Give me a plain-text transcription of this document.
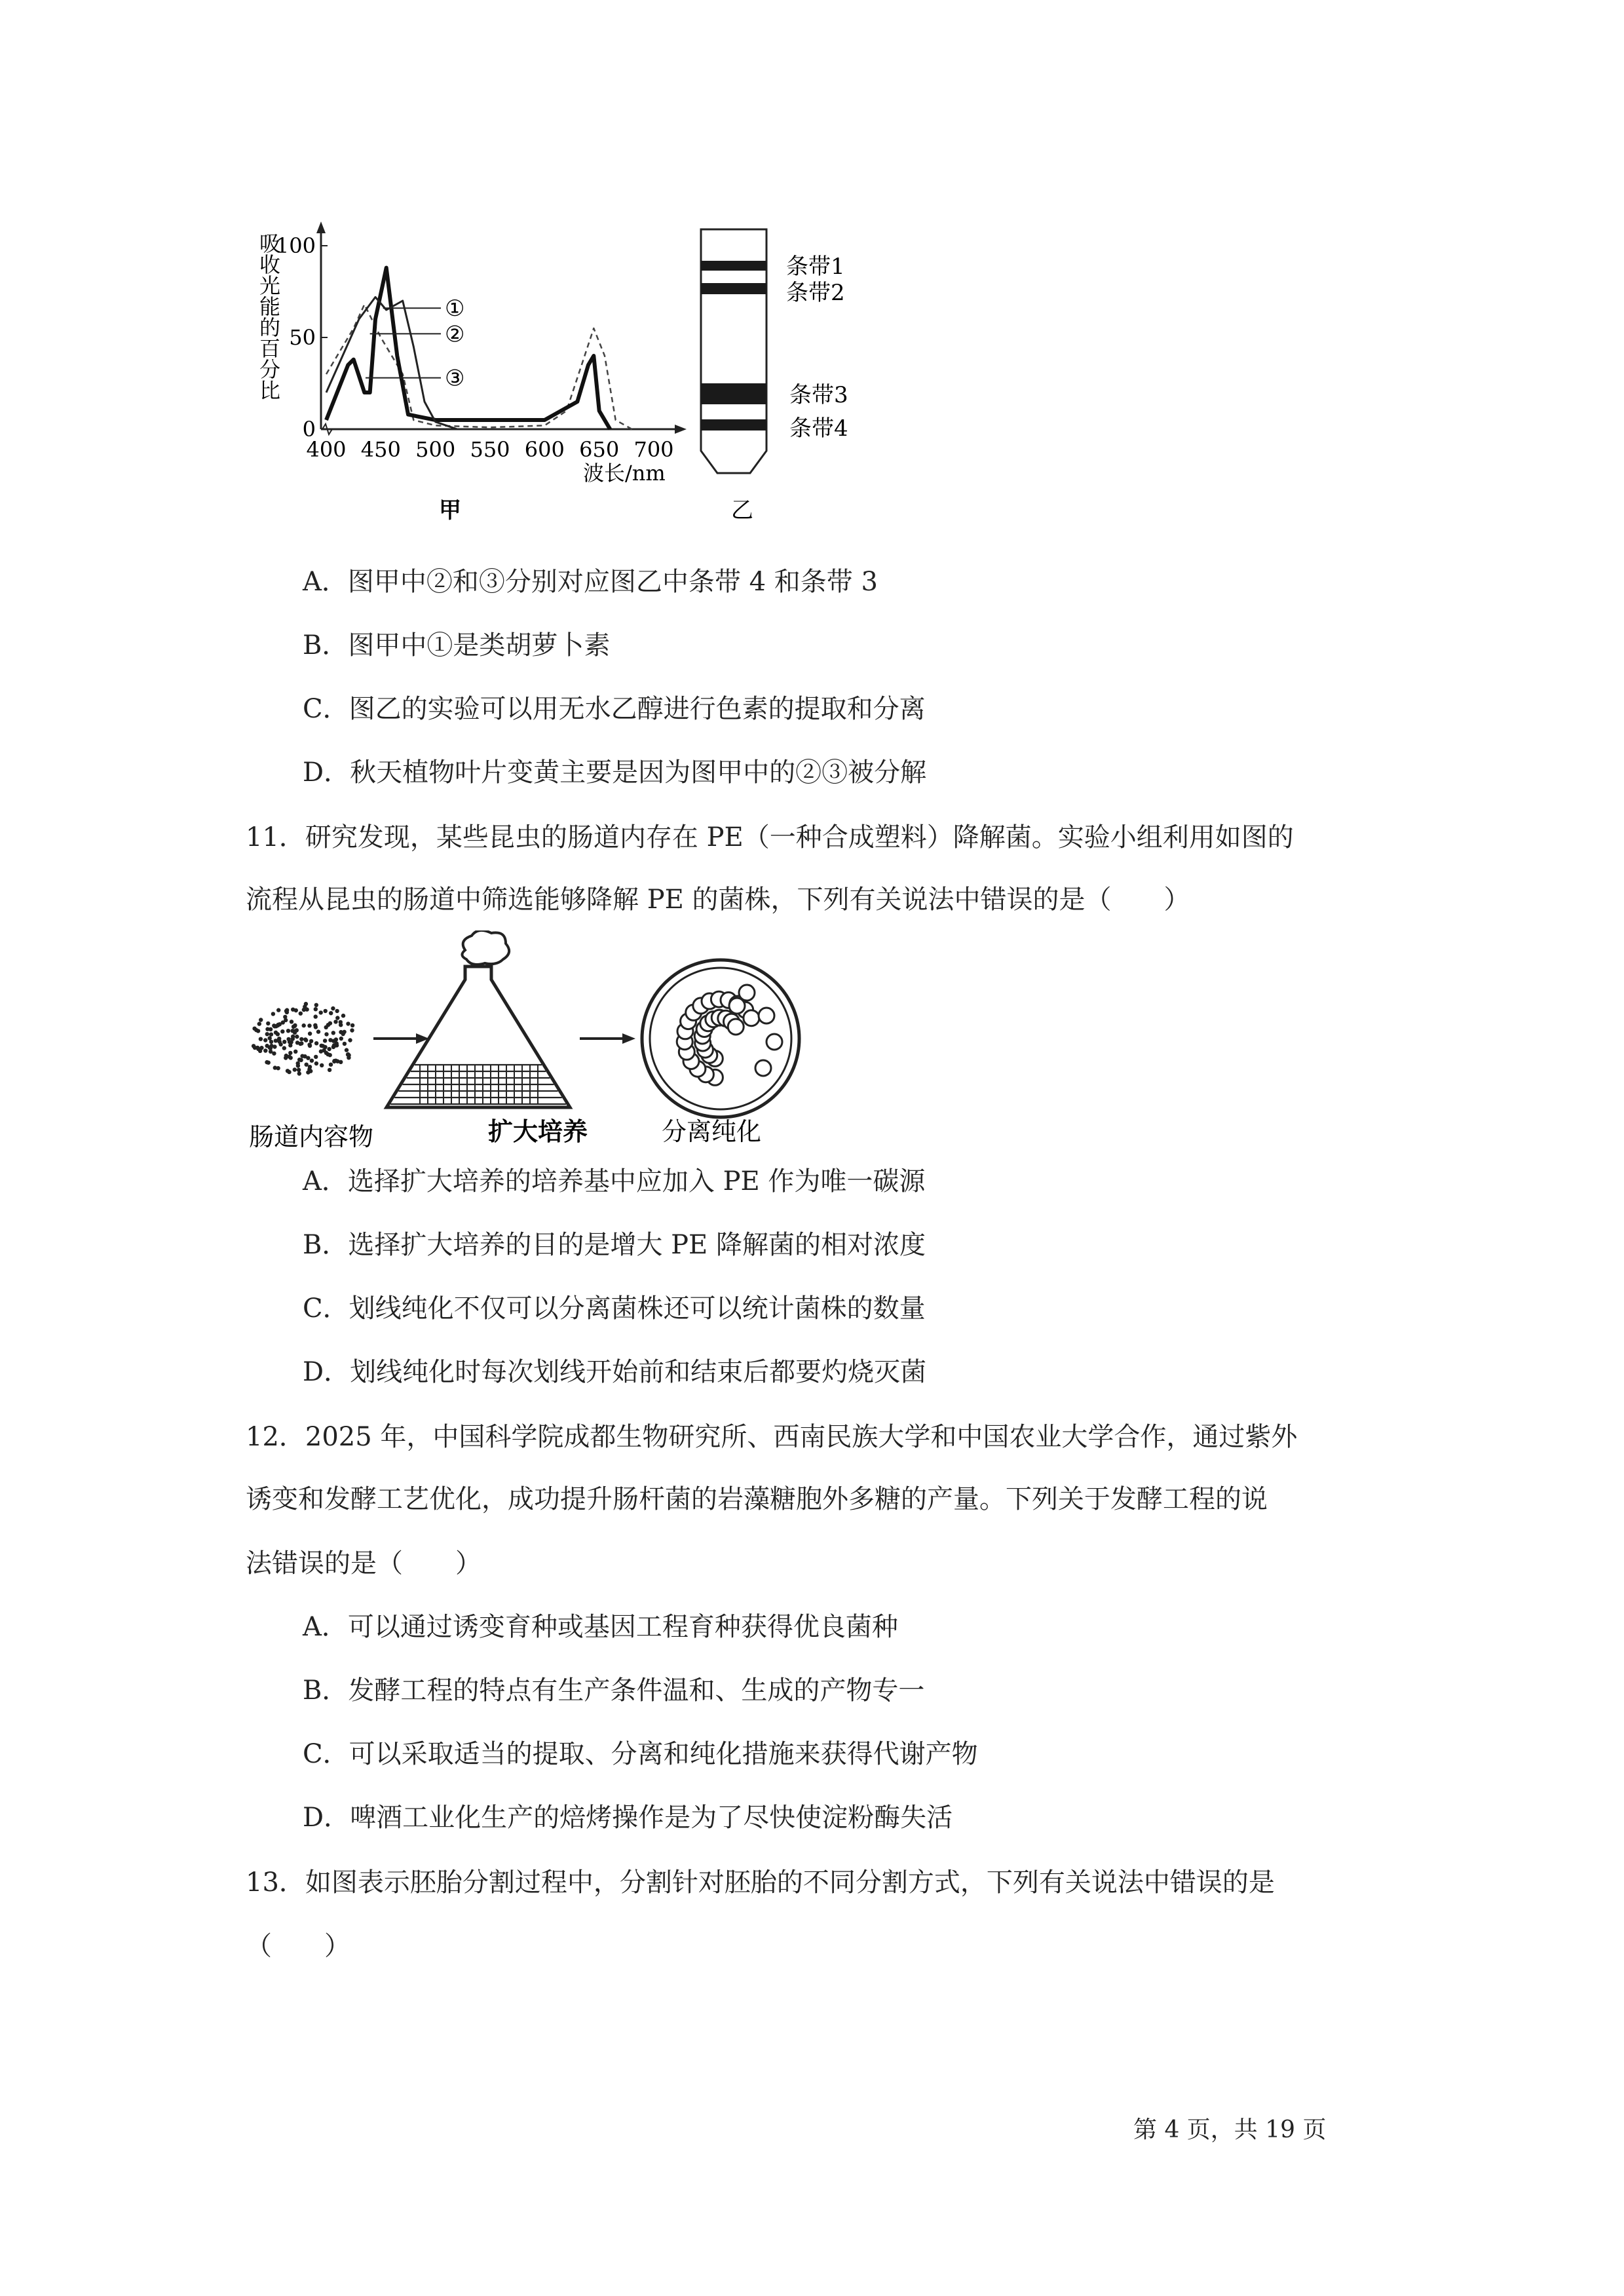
吸收光能的百分比
0
50
100
400 450 500 550 600 650 700
①
②
③
波长/nm
甲
条带1
条带2
条带3
条带4
乙
A．图甲中②和③分别对应图乙中条带 4 和条带 3
B．图甲中①是类胡萝卜素
C．图乙的实验可以用无水乙醇进行色素的提取和分离
D．秋天植物叶片变黄主要是因为图甲中的②③被分解
11．研究发现，某些昆虫的肠道内存在 PE（一种合成塑料）降解菌。实验小组利用如图的
流程从昆虫的肠道中筛选能够降解 PE 的菌株，下列有关说法中错误的是（　　）
肠道内容物	扩大培养	分离纯化
A．选择扩大培养的培养基中应加入 PE 作为唯一碳源
B．选择扩大培养的目的是增大 PE 降解菌的相对浓度
C．划线纯化不仅可以分离菌株还可以统计菌株的数量
D．划线纯化时每次划线开始前和结束后都要灼烧灭菌
12．2025 年，中国科学院成都生物研究所、西南民族大学和中国农业大学合作，通过紫外
诱变和发酵工艺优化，成功提升肠杆菌的岩藻糖胞外多糖的产量。下列关于发酵工程的说
法错误的是（　　）
A．可以通过诱变育种或基因工程育种获得优良菌种
B．发酵工程的特点有生产条件温和、生成的产物专一
C．可以采取适当的提取、分离和纯化措施来获得代谢产物
D．啤酒工业化生产的焙烤操作是为了尽快使淀粉酶失活
13．如图表示胚胎分割过程中，分割针对胚胎的不同分割方式，下列有关说法中错误的是
（　　）
第 4 页，共 19 页
